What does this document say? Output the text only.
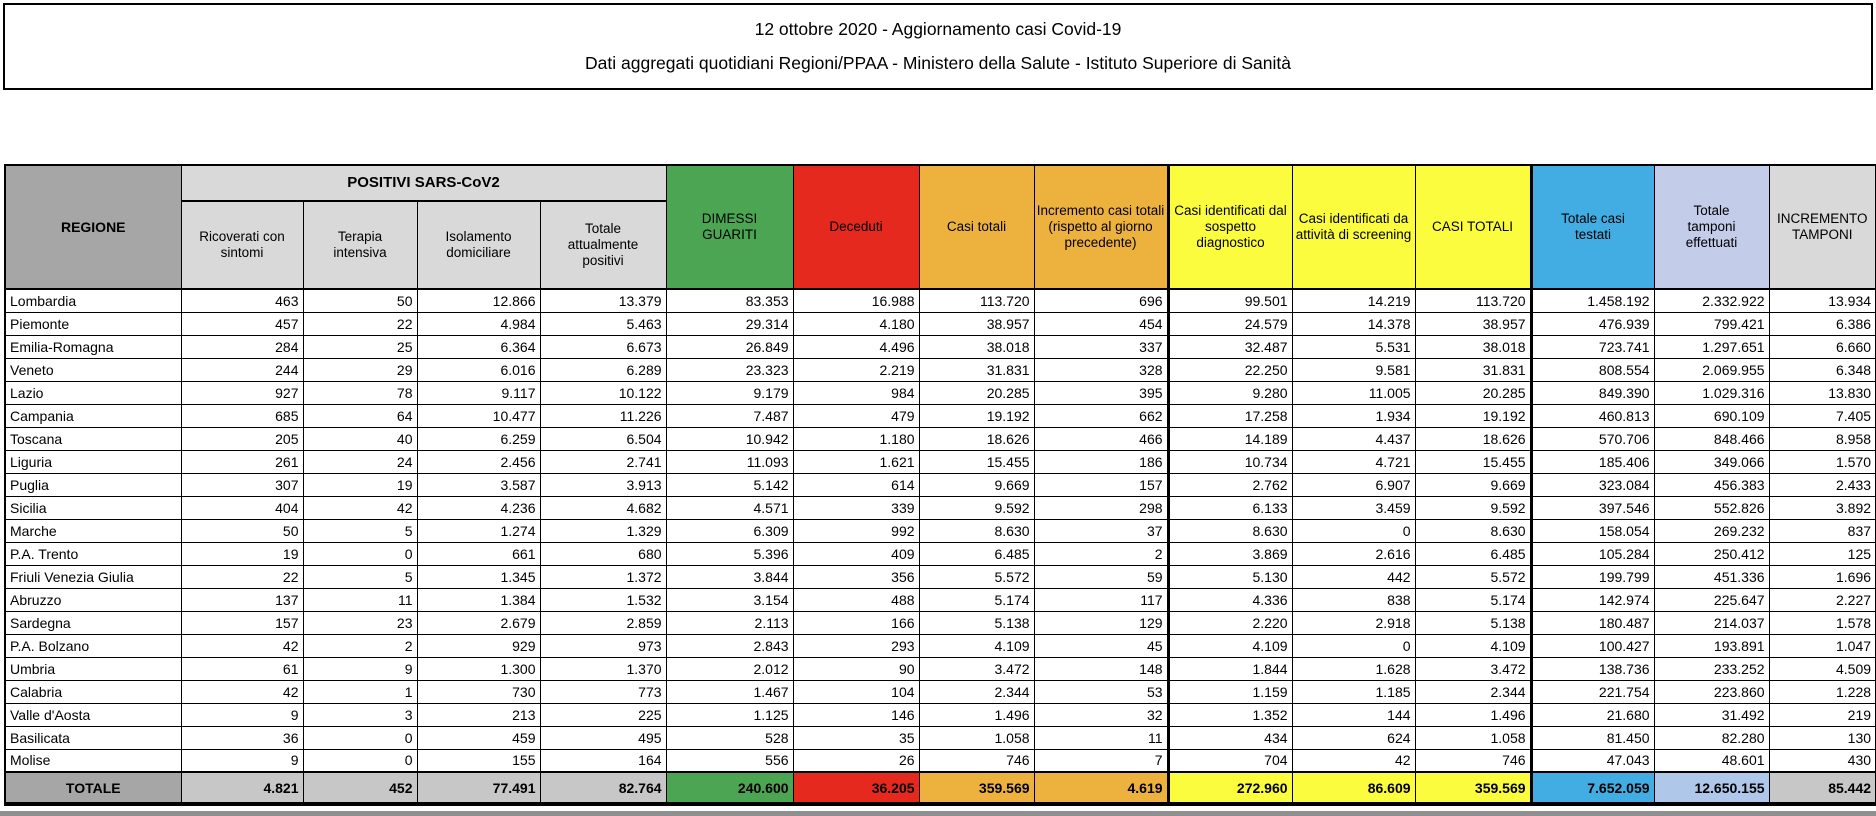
12 ottobre 2020 - Aggiornamento casi Covid-19
Dati aggregati quotidiani Regioni/PPAA - Ministero della Salute - Istituto Superiore di Sanità
REGIONE	POSITIVI SARS-CoV2				DIMESSI GUARITI	Deceduti	Casi totali	Incremento casi totali (rispetto al giorno precedente)	Casi identificati dal sospetto diagnostico	Casi identificati da attività di screening	CASI TOTALI	Totale casi testati	Totale tamponi effettuati	INCREMENTO TAMPONI
	Ricoverati con sintomi	Terapia intensiva	Isolamento domiciliare	Totale attualmente positivi										
Lombardia	463	50	12.866	13.379	83.353	16.988	113.720	696	99.501	14.219	113.720	1.458.192	2.332.922	13.934
Piemonte	457	22	4.984	5.463	29.314	4.180	38.957	454	24.579	14.378	38.957	476.939	799.421	6.386
Emilia-Romagna	284	25	6.364	6.673	26.849	4.496	38.018	337	32.487	5.531	38.018	723.741	1.297.651	6.660
Veneto	244	29	6.016	6.289	23.323	2.219	31.831	328	22.250	9.581	31.831	808.554	2.069.955	6.348
Lazio	927	78	9.117	10.122	9.179	984	20.285	395	9.280	11.005	20.285	849.390	1.029.316	13.830
Campania	685	64	10.477	11.226	7.487	479	19.192	662	17.258	1.934	19.192	460.813	690.109	7.405
Toscana	205	40	6.259	6.504	10.942	1.180	18.626	466	14.189	4.437	18.626	570.706	848.466	8.958
Liguria	261	24	2.456	2.741	11.093	1.621	15.455	186	10.734	4.721	15.455	185.406	349.066	1.570
Puglia	307	19	3.587	3.913	5.142	614	9.669	157	2.762	6.907	9.669	323.084	456.383	2.433
Sicilia	404	42	4.236	4.682	4.571	339	9.592	298	6.133	3.459	9.592	397.546	552.826	3.892
Marche	50	5	1.274	1.329	6.309	992	8.630	37	8.630	0	8.630	158.054	269.232	837
P.A. Trento	19	0	661	680	5.396	409	6.485	2	3.869	2.616	6.485	105.284	250.412	125
Friuli Venezia Giulia	22	5	1.345	1.372	3.844	356	5.572	59	5.130	442	5.572	199.799	451.336	1.696
Abruzzo	137	11	1.384	1.532	3.154	488	5.174	117	4.336	838	5.174	142.974	225.647	2.227
Sardegna	157	23	2.679	2.859	2.113	166	5.138	129	2.220	2.918	5.138	180.487	214.037	1.578
P.A. Bolzano	42	2	929	973	2.843	293	4.109	45	4.109	0	4.109	100.427	193.891	1.047
Umbria	61	9	1.300	1.370	2.012	90	3.472	148	1.844	1.628	3.472	138.736	233.252	4.509
Calabria	42	1	730	773	1.467	104	2.344	53	1.159	1.185	2.344	221.754	223.860	1.228
Valle d'Aosta	9	3	213	225	1.125	146	1.496	32	1.352	144	1.496	21.680	31.492	219
Basilicata	36	0	459	495	528	35	1.058	11	434	624	1.058	81.450	82.280	130
Molise	9	0	155	164	556	26	746	7	704	42	746	47.043	48.601	430
TOTALE	4.821	452	77.491	82.764	240.600	36.205	359.569	4.619	272.960	86.609	359.569	7.652.059	12.650.155	85.442
